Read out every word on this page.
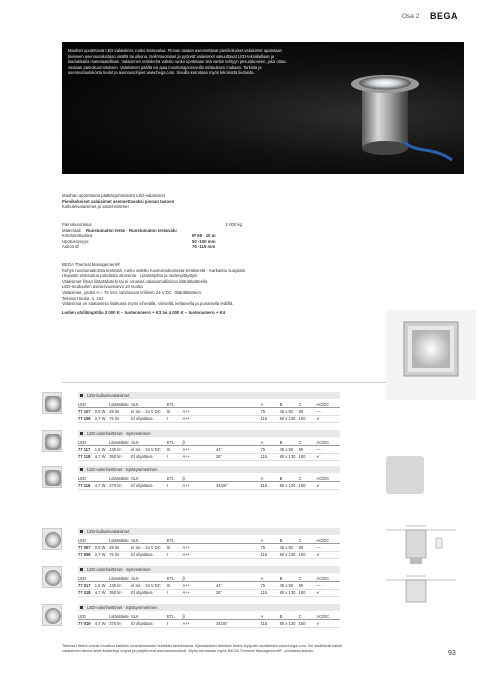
Osa 2 BEGA
Maahan upotettavat LED-valaisimet, runko teräsvalua. Pinnan tasaan asennettavat pienikokoiset valaisimet upotetaan tiiviiseen asennusalustaan sisällä tai ulkona. Neliömuotoiset ja pyöreät valaisimet vakuuttavat LED-tekniikallaan ja laadukkailla materiaaleillaan. Valaisimen teräskehä valettu runko upotetaan sitä varten tehtyyn pesurakoseen, joka ottaa vastaan painokuormituksen. Valaisimen päällä voi ajaa moottoriajoneuvolla rahtauksen mukaan. Tarkista ja asennustaulukosta tiedot ja asennusohjeet www.bega.com. Sivuilla kerrotaan myös teknisistä tiedoista.
Maahan upotettavat pääliäsjohteisiukit LED-valaisimet
Pienikokoiset valaisimet asennettavaksi pinnan tasoon
Kulkuteivalaisimet ja valonheittimet
Painokuormitus	2 000 kg
Materiaali	Ruostumaton teräs · Ruostumaton teräsvalu
Kotelointiluokka	IP 68 · 10 m
Upotussyvyys	50 -100 mm
Aukon Ø	75 -115 mm
BEGA Thermal Management®
Kehys ruostumattomta teräestä, runko valettu ruostumattomasta teräksestä · Karkaistu suojalasi
Heijastin eloksoitua puhdasta alumiinia · Liitäntäjohto ja vedenpitäyttyin
Valaisimet ilman liitäntäkotelo tai ei omassa valaisumallisissa liitäntätaitteella
LED-moduulien asetusvuosiarvo 10 vuotta
Valaisimet, joiden A = 75 mm, tarvitsevat erillisen 24 V DC -liitäntälaitteen.
Tekniset tiedot, s. 222
Valaisimia on saatavissa lisäkusta myös vihreällä, sinisellä, keltaisella ja punaisella lediillä.
Ledien värilämpötila 3 000 K – tuotenumero + K3 tai 4 000 K – tuotenumero + K4
LED-kulkutievalaisimet
LED		Liitäntäkite	SLK	ETL			A	B	C	AC/DC
77 107	0,8 W	25 lm	ei sis. · 24 V DC	III	A++		75	45 x 92	80	—
77 108	2,7 W	75 lm	El ohjattava	I	A++		115	80 x 130	100	✔
LED-valonheittimet · Symmetrinen
LED		Liitäntäkite	SLK	ETL	β		A	B	C	AC/DC
77 117	1,5 W	135 lm	ei sis. · 24 V DC	III	A++	44°	75	45 x 92	80	—
77 118	4,7 W	350 lm	El ohjattava	I	A++	28°	115	80 x 130	100	✔
LED-valonheittimet · Epäsymmetrinen
LED		Liitäntäkite	SLK	ETL	β		A	B	C	AC/DC
77 116	4,7 W	370 lm	El ohjattava	I	A++	34/35°	115	80 x 130	100	✔
LED-kulkutievalaisimet
LED		Liitäntäkite	SLK	ETL			A	B	C	AC/DC
77 007	0,8 W	25 lm	ei sis. · 24 V DC	III	A++		75	45 x 92	80	—
77 008	2,7 W	75 lm	El ohjattava	I	A++		115	80 x 130	100	✔
LED-valonheittimet · Symmetrinen
LED		Liitäntäkite	SLK	ETL	β		A	B	C	AC/DC
77 017	1,5 W	135 lm	ei sis. · 24 V DC	III	A++	44°	75	45 x 92	80	—
77 018	4,7 W	350 lm	El ohjattava	I	A++	28°	115	80 x 130	100	✔
LED-valonheittimet · Epäsymmetrinen
LED		Liitäntäkite	SLK	ETL	β		A	B	C	AC/DC
77 019	4,7 W	370 lm	El ohjattava	I	A++	34/35°	115	80 x 130	100	✔
Tekniset tiedot voivat muuttua kaikkiin ominaisuuksiin tehdään tarkistuksia. Ajantasaiset tekniset tiedot löytyvät osoitteesta www.bega.com. Ne sisältävät kaikki valaisimen tiedot sekä lisätietoja ohjeet ja projektointi-asennustaulukot. Myös kerrotaan myös BEGA Thermal Management® -ominaisuuksista.	93
